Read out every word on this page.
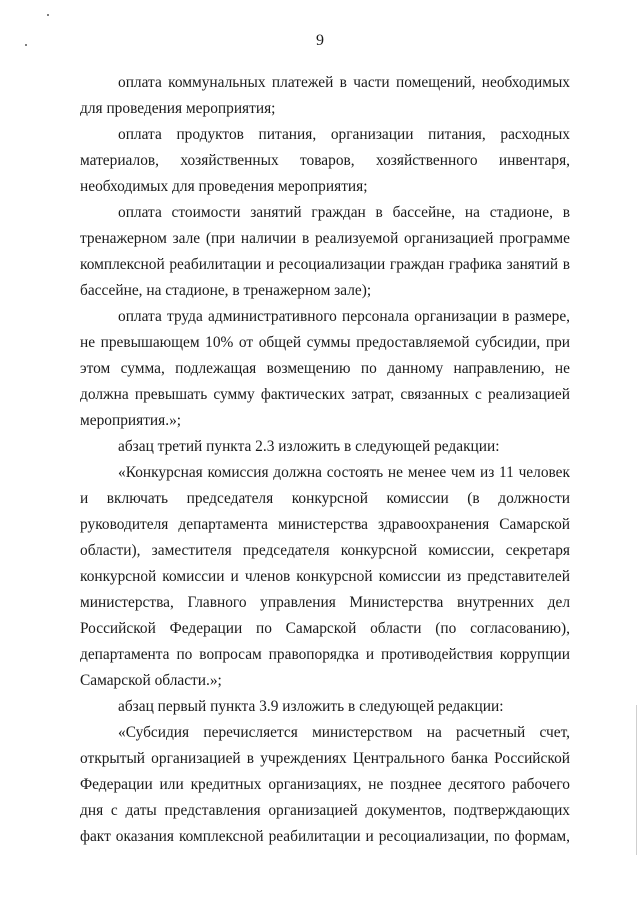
9

оплата коммунальных платежей в части помещений, необходимых для проведения мероприятия;

оплата продуктов питания, организации питания, расходных материалов, хозяйственных товаров, хозяйственного инвентаря, необходимых для проведения мероприятия;

оплата стоимости занятий граждан в бассейне, на стадионе, в тренажерном зале (при наличии в реализуемой организацией программе комплексной реабилитации и ресоциализации граждан графика занятий в бассейне, на стадионе, в тренажерном зале);

оплата труда административного персонала организации в размере, не превышающем 10% от общей суммы предоставляемой субсидии, при этом сумма, подлежащая возмещению по данному направлению, не должна превышать сумму фактических затрат, связанных с реализацией мероприятия.»;

абзац третий пункта 2.3 изложить в следующей редакции:

«Конкурсная комиссия должна состоять не менее чем из 11 человек и включать председателя конкурсной комиссии (в должности руководителя департамента министерства здравоохранения Самарской области), заместителя председателя конкурсной комиссии, секретаря конкурсной комиссии и членов конкурсной комиссии из представителей министерства, Главного управления Министерства внутренних дел Российской Федерации по Самарской области (по согласованию), департамента по вопросам правопорядка и противодействия коррупции Самарской области.»;

абзац первый пункта 3.9 изложить в следующей редакции:

«Субсидия перечисляется министерством на расчетный счет, открытый организацией в учреждениях Центрального банка Российской Федерации или кредитных организациях, не позднее десятого рабочего дня с даты представления организацией документов, подтверждающих факт оказания комплексной реабилитации и ресоциализации, по формам,
